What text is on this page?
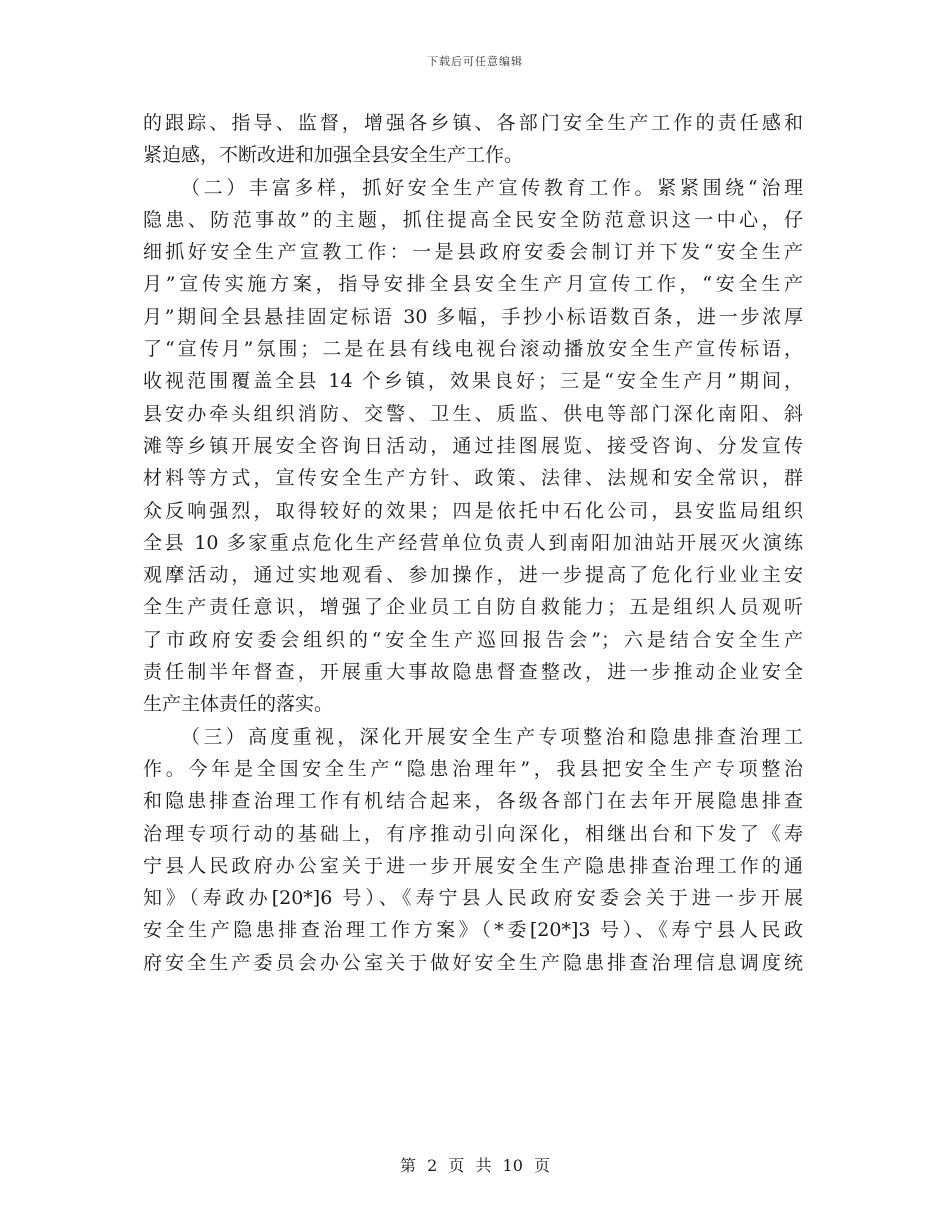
下载后可任意编辑
的跟踪、指导、监督，增强各乡镇、各部门安全生产工作的责任感和
紧迫感，不断改进和加强全县安全生产工作。
（二）丰富多样，抓好安全生产宣传教育工作。紧紧围绕“治理
隐患、防范事故”的主题，抓住提高全民安全防范意识这一中心，仔
细抓好安全生产宣教工作：一是县政府安委会制订并下发“安全生产
月”宣传实施方案，指导安排全县安全生产月宣传工作，“安全生产
月”期间全县悬挂固定标语 30 多幅，手抄小标语数百条，进一步浓厚
了“宣传月”氛围；二是在县有线电视台滚动播放安全生产宣传标语，
收视范围覆盖全县 14 个乡镇，效果良好；三是“安全生产月”期间，
县安办牵头组织消防、交警、卫生、质监、供电等部门深化南阳、斜
滩等乡镇开展安全咨询日活动，通过挂图展览、接受咨询、分发宣传
材料等方式，宣传安全生产方针、政策、法律、法规和安全常识，群
众反响强烈，取得较好的效果；四是依托中石化公司，县安监局组织
全县 10 多家重点危化生产经营单位负责人到南阳加油站开展灭火演练
观摩活动，通过实地观看、参加操作，进一步提高了危化行业业主安
全生产责任意识，增强了企业员工自防自救能力；五是组织人员观听
了市政府安委会组织的“安全生产巡回报告会”；六是结合安全生产
责任制半年督查，开展重大事故隐患督查整改，进一步推动企业安全
生产主体责任的落实。
（三）高度重视，深化开展安全生产专项整治和隐患排查治理工
作。今年是全国安全生产“隐患治理年”，我县把安全生产专项整治
和隐患排查治理工作有机结合起来，各级各部门在去年开展隐患排查
治理专项行动的基础上，有序推动引向深化，相继出台和下发了《寿
宁县人民政府办公室关于进一步开展安全生产隐患排查治理工作的通
知》（寿政办[20*]6 号）、《寿宁县人民政府安委会关于进一步开展
安全生产隐患排查治理工作方案》（*委[20*]3 号）、《寿宁县人民政
府安全生产委员会办公室关于做好安全生产隐患排查治理信息调度统
第 2 页 共 10 页
